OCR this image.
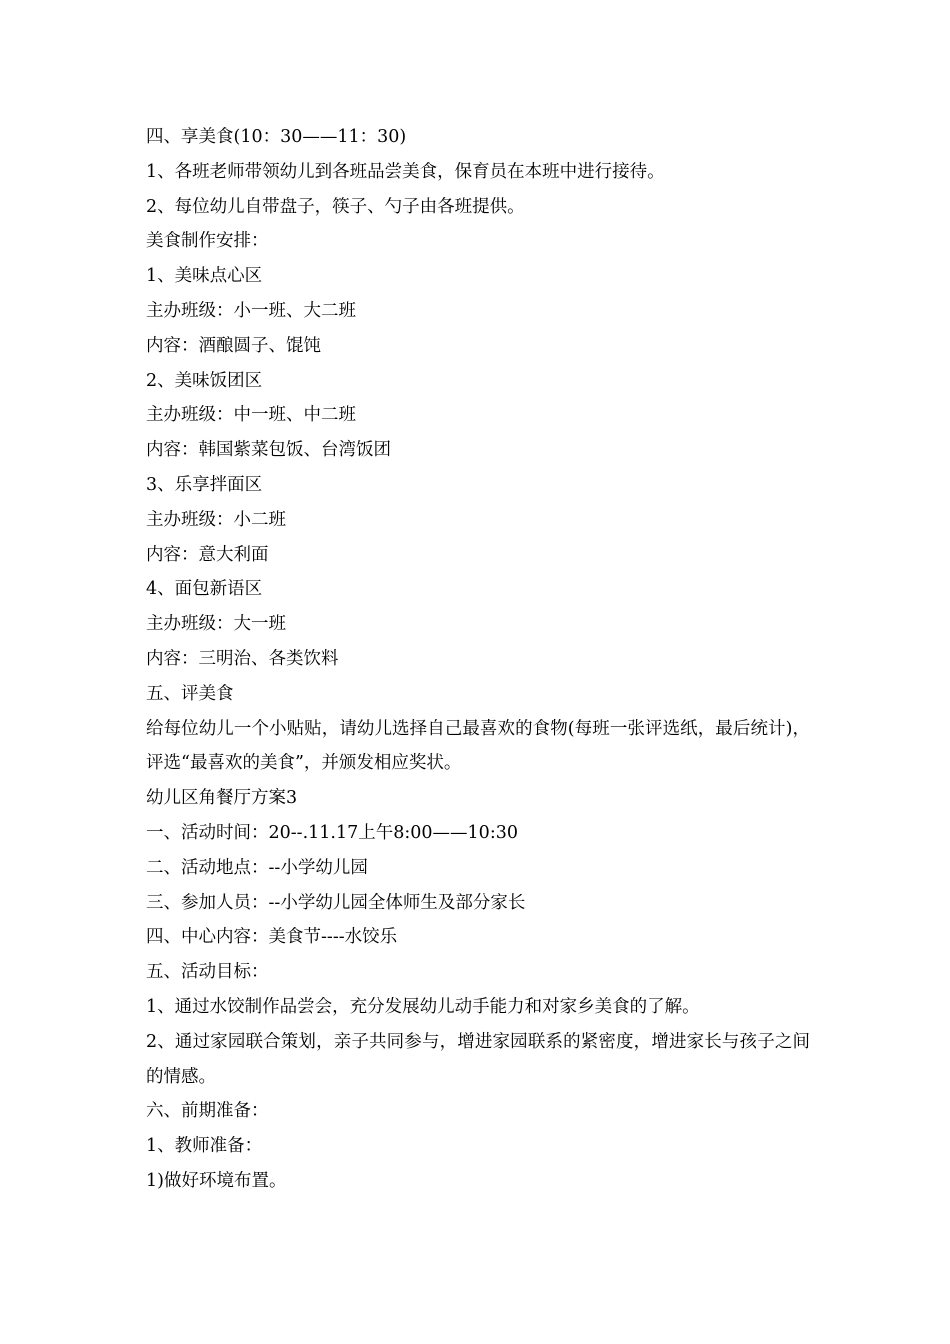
四、享美食(10：30——11：30)

1、各班老师带领幼儿到各班品尝美食，保育员在本班中进行接待。

2、每位幼儿自带盘子，筷子、勺子由各班提供。

美食制作安排：

1、美味点心区

主办班级：小一班、大二班

内容：酒酿圆子、馄饨

2、美味饭团区

主办班级：中一班、中二班

内容：韩国紫菜包饭、台湾饭团

3、乐享拌面区

主办班级：小二班

内容：意大利面

4、面包新语区

主办班级：大一班

内容：三明治、各类饮料

五、评美食

给每位幼儿一个小贴贴，请幼儿选择自己最喜欢的食物(每班一张评选纸，最后统计)，评选“最喜欢的美食”，并颁发相应奖状。

幼儿区角餐厅方案3

一、活动时间：20--.11.17上午8:00——10:30

二、活动地点：--小学幼儿园

三、参加人员：--小学幼儿园全体师生及部分家长

四、中心内容：美食节----水饺乐

五、活动目标：

1、通过水饺制作品尝会，充分发展幼儿动手能力和对家乡美食的了解。

2、通过家园联合策划，亲子共同参与，增进家园联系的紧密度，增进家长与孩子之间的情感。

六、前期准备：

1、教师准备：

1)做好环境布置。
